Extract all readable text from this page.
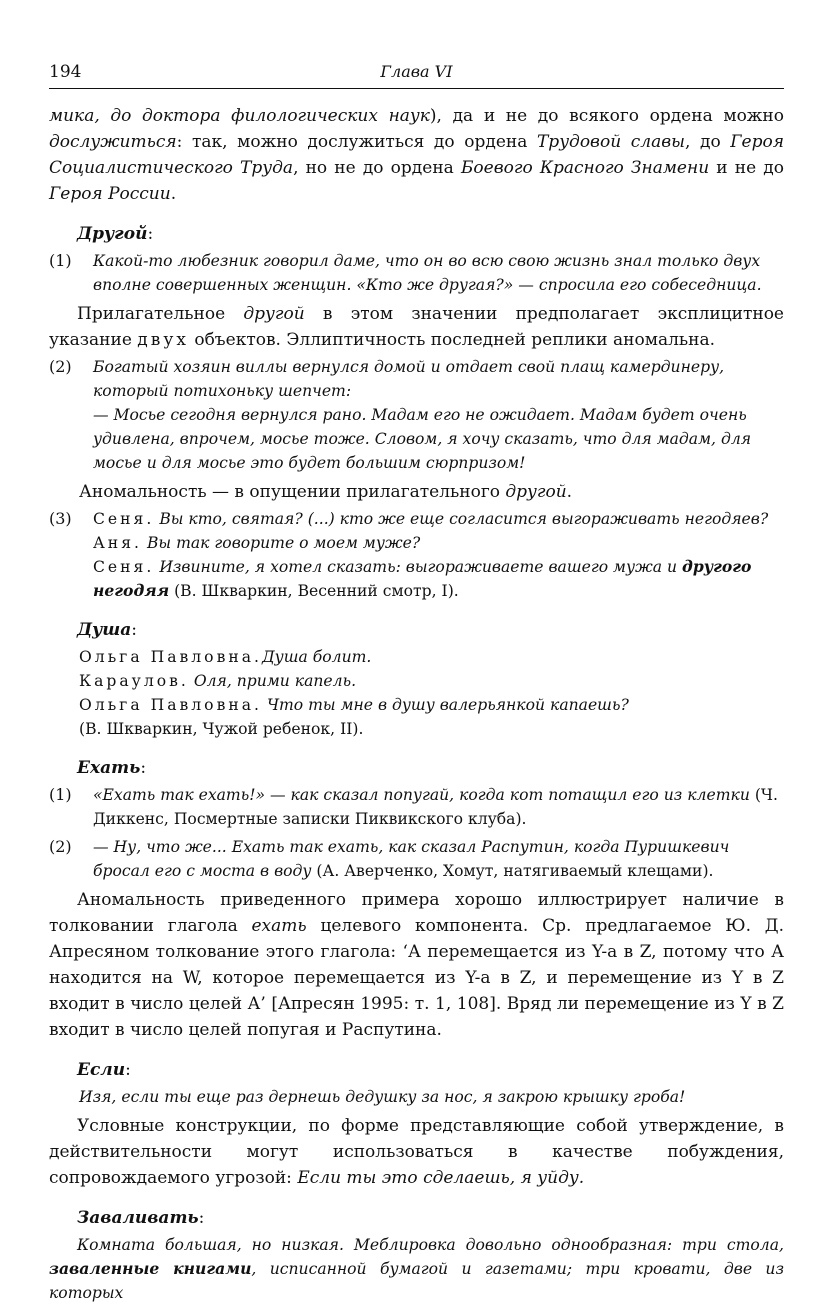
194	Глава VI

мика, до доктора филологических наук), да и не до всякого ордена можно дослужиться: так, можно дослужиться до ордена Трудовой славы, до Героя Социалистического Труда, но не до ордена Боевого Красного Знамени и не до Героя России.

Другой:
(1) Какой-то любезник говорил даме, что он во всю свою жизнь знал только двух вполне совершенных женщин. «Кто же другая?» — спросила его собеседница.

Прилагательное другой в этом значении предполагает эксплицитное указание двух объектов. Эллиптичность последней реплики аномальна.

(2) Богатый хозяин виллы вернулся домой и отдает свой плащ камердинеру, который потихоньку шепчет:
— Мосье сегодня вернулся рано. Мадам его не ожидает. Мадам будет очень удивлена, впрочем, мосье тоже. Словом, я хочу сказать, что для мадам, для мосье и для мосье это будет большим сюрпризом!

Аномальность — в опущении прилагательного другой.

(3) Сеня. Вы кто, святая? (...) кто же еще согласится выгораживать негодяев?
Аня. Вы так говорите о моем муже?
Сеня. Извините, я хотел сказать: выгораживаете вашего мужа и другого негодяя (В. Шкваркин, Весенний смотр, I).
Душа:
Ольга Павловна.Душа болит.
Караулов. Оля, прими капель.
Ольга Павловна. Что ты мне в душу валерьянкой капаешь?
(В. Шкваркин, Чужой ребенок, II).
Ехать:
(1) «Ехать так ехать!» — как сказал попугай, когда кот потащил его из клетки (Ч. Диккенс, Посмертные записки Пиквикского клуба).
(2) — Ну, что же... Ехать так ехать, как сказал Распутин, когда Пуришкевич бросал его с моста в воду (А. Аверченко, Хомут, натягиваемый клещами).

Аномальность приведенного примера хорошо иллюстрирует наличие в толковании глагола ехать целевого компонента. Ср. предлагаемое Ю. Д. Апресяном толкование этого глагола: ‘А перемещается из Y-а в Z, потому что А находится на W, которое перемещается из Y-а в Z, и перемещение из Y в Z входит в число целей А’ [Апресян 1995: т. 1, 108]. Вряд ли перемещение из Y в Z входит в число целей попугая и Распутина.

Если:
Изя, если ты еще раз дернешь дедушку за нос, я закрою крышку гроба!

Условные конструкции, по форме представляющие собой утверждение, в действительности могут использоваться в качестве побуждения, сопровождаемого угрозой: Если ты это сделаешь, я уйду.

Заваливать:

Комната большая, но низкая. Меблировка довольно однообразная: три стола, заваленные книгами, исписанной бумагой и газетами; три кровати, две из которых
